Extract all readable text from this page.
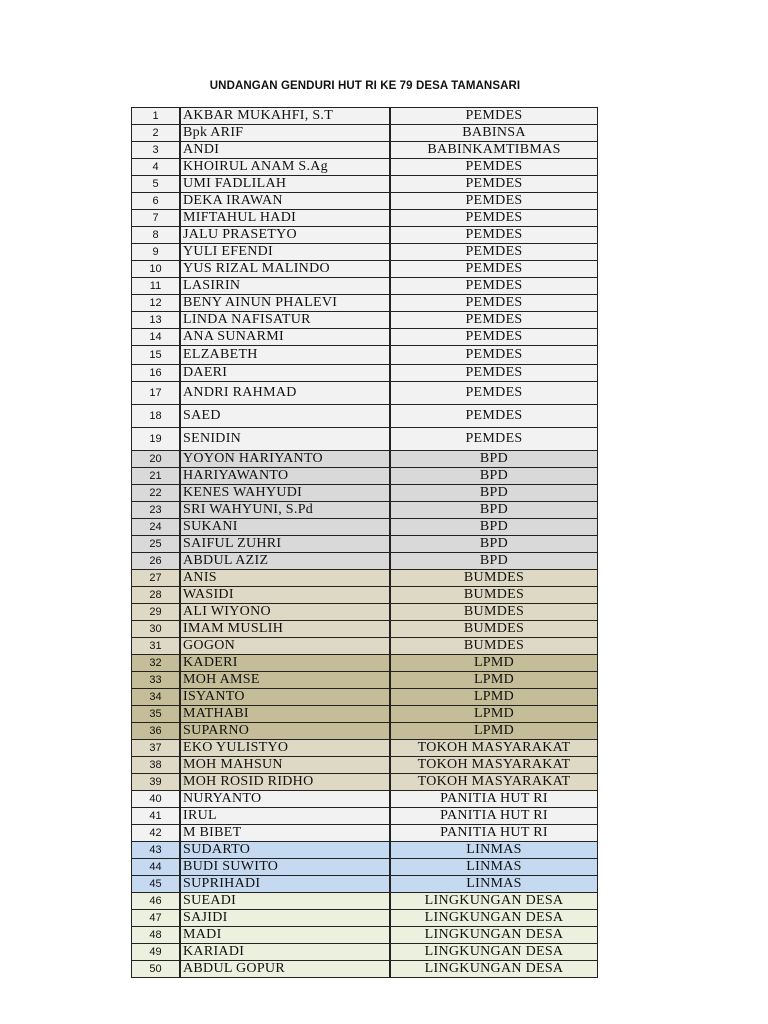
UNDANGAN GENDURI HUT RI KE 79 DESA TAMANSARI
1	AKBAR MUKAHFI, S.T	PEMDES
2	Bpk ARIF	BABINSA
3	ANDI	BABINKAMTIBMAS
4	KHOIRUL ANAM S.Ag	PEMDES
5	UMI FADLILAH	PEMDES
6	DEKA IRAWAN	PEMDES
7	MIFTAHUL HADI	PEMDES
8	JALU PRASETYO	PEMDES
9	YULI EFENDI	PEMDES
10	YUS RIZAL MALINDO	PEMDES
11	LASIRIN	PEMDES
12	BENY AINUN PHALEVI	PEMDES
13	LINDA NAFISATUR	PEMDES
14	ANA SUNARMI	PEMDES
15	ELZABETH	PEMDES
16	DAERI	PEMDES
17	ANDRI RAHMAD	PEMDES
18	SAED	PEMDES
19	SENIDIN	PEMDES
20	YOYON HARIYANTO	BPD
21	HARIYAWANTO	BPD
22	KENES WAHYUDI	BPD
23	SRI WAHYUNI, S.Pd	BPD
24	SUKANI	BPD
25	SAIFUL ZUHRI	BPD
26	ABDUL AZIZ	BPD
27	ANIS	BUMDES
28	WASIDI	BUMDES
29	ALI WIYONO	BUMDES
30	IMAM MUSLIH	BUMDES
31	GOGON	BUMDES
32	KADERI	LPMD
33	MOH AMSE	LPMD
34	ISYANTO	LPMD
35	MATHABI	LPMD
36	SUPARNO	LPMD
37	EKO YULISTYO	TOKOH MASYARAKAT
38	MOH MAHSUN	TOKOH MASYARAKAT
39	MOH ROSID RIDHO	TOKOH MASYARAKAT
40	NURYANTO	PANITIA HUT RI
41	IRUL	PANITIA HUT RI
42	M BIBET	PANITIA HUT RI
43	SUDARTO	LINMAS
44	BUDI SUWITO	LINMAS
45	SUPRIHADI	LINMAS
46	SUEADI	LINGKUNGAN DESA
47	SAJIDI	LINGKUNGAN DESA
48	MADI	LINGKUNGAN DESA
49	KARIADI	LINGKUNGAN DESA
50	ABDUL GOPUR	LINGKUNGAN DESA
